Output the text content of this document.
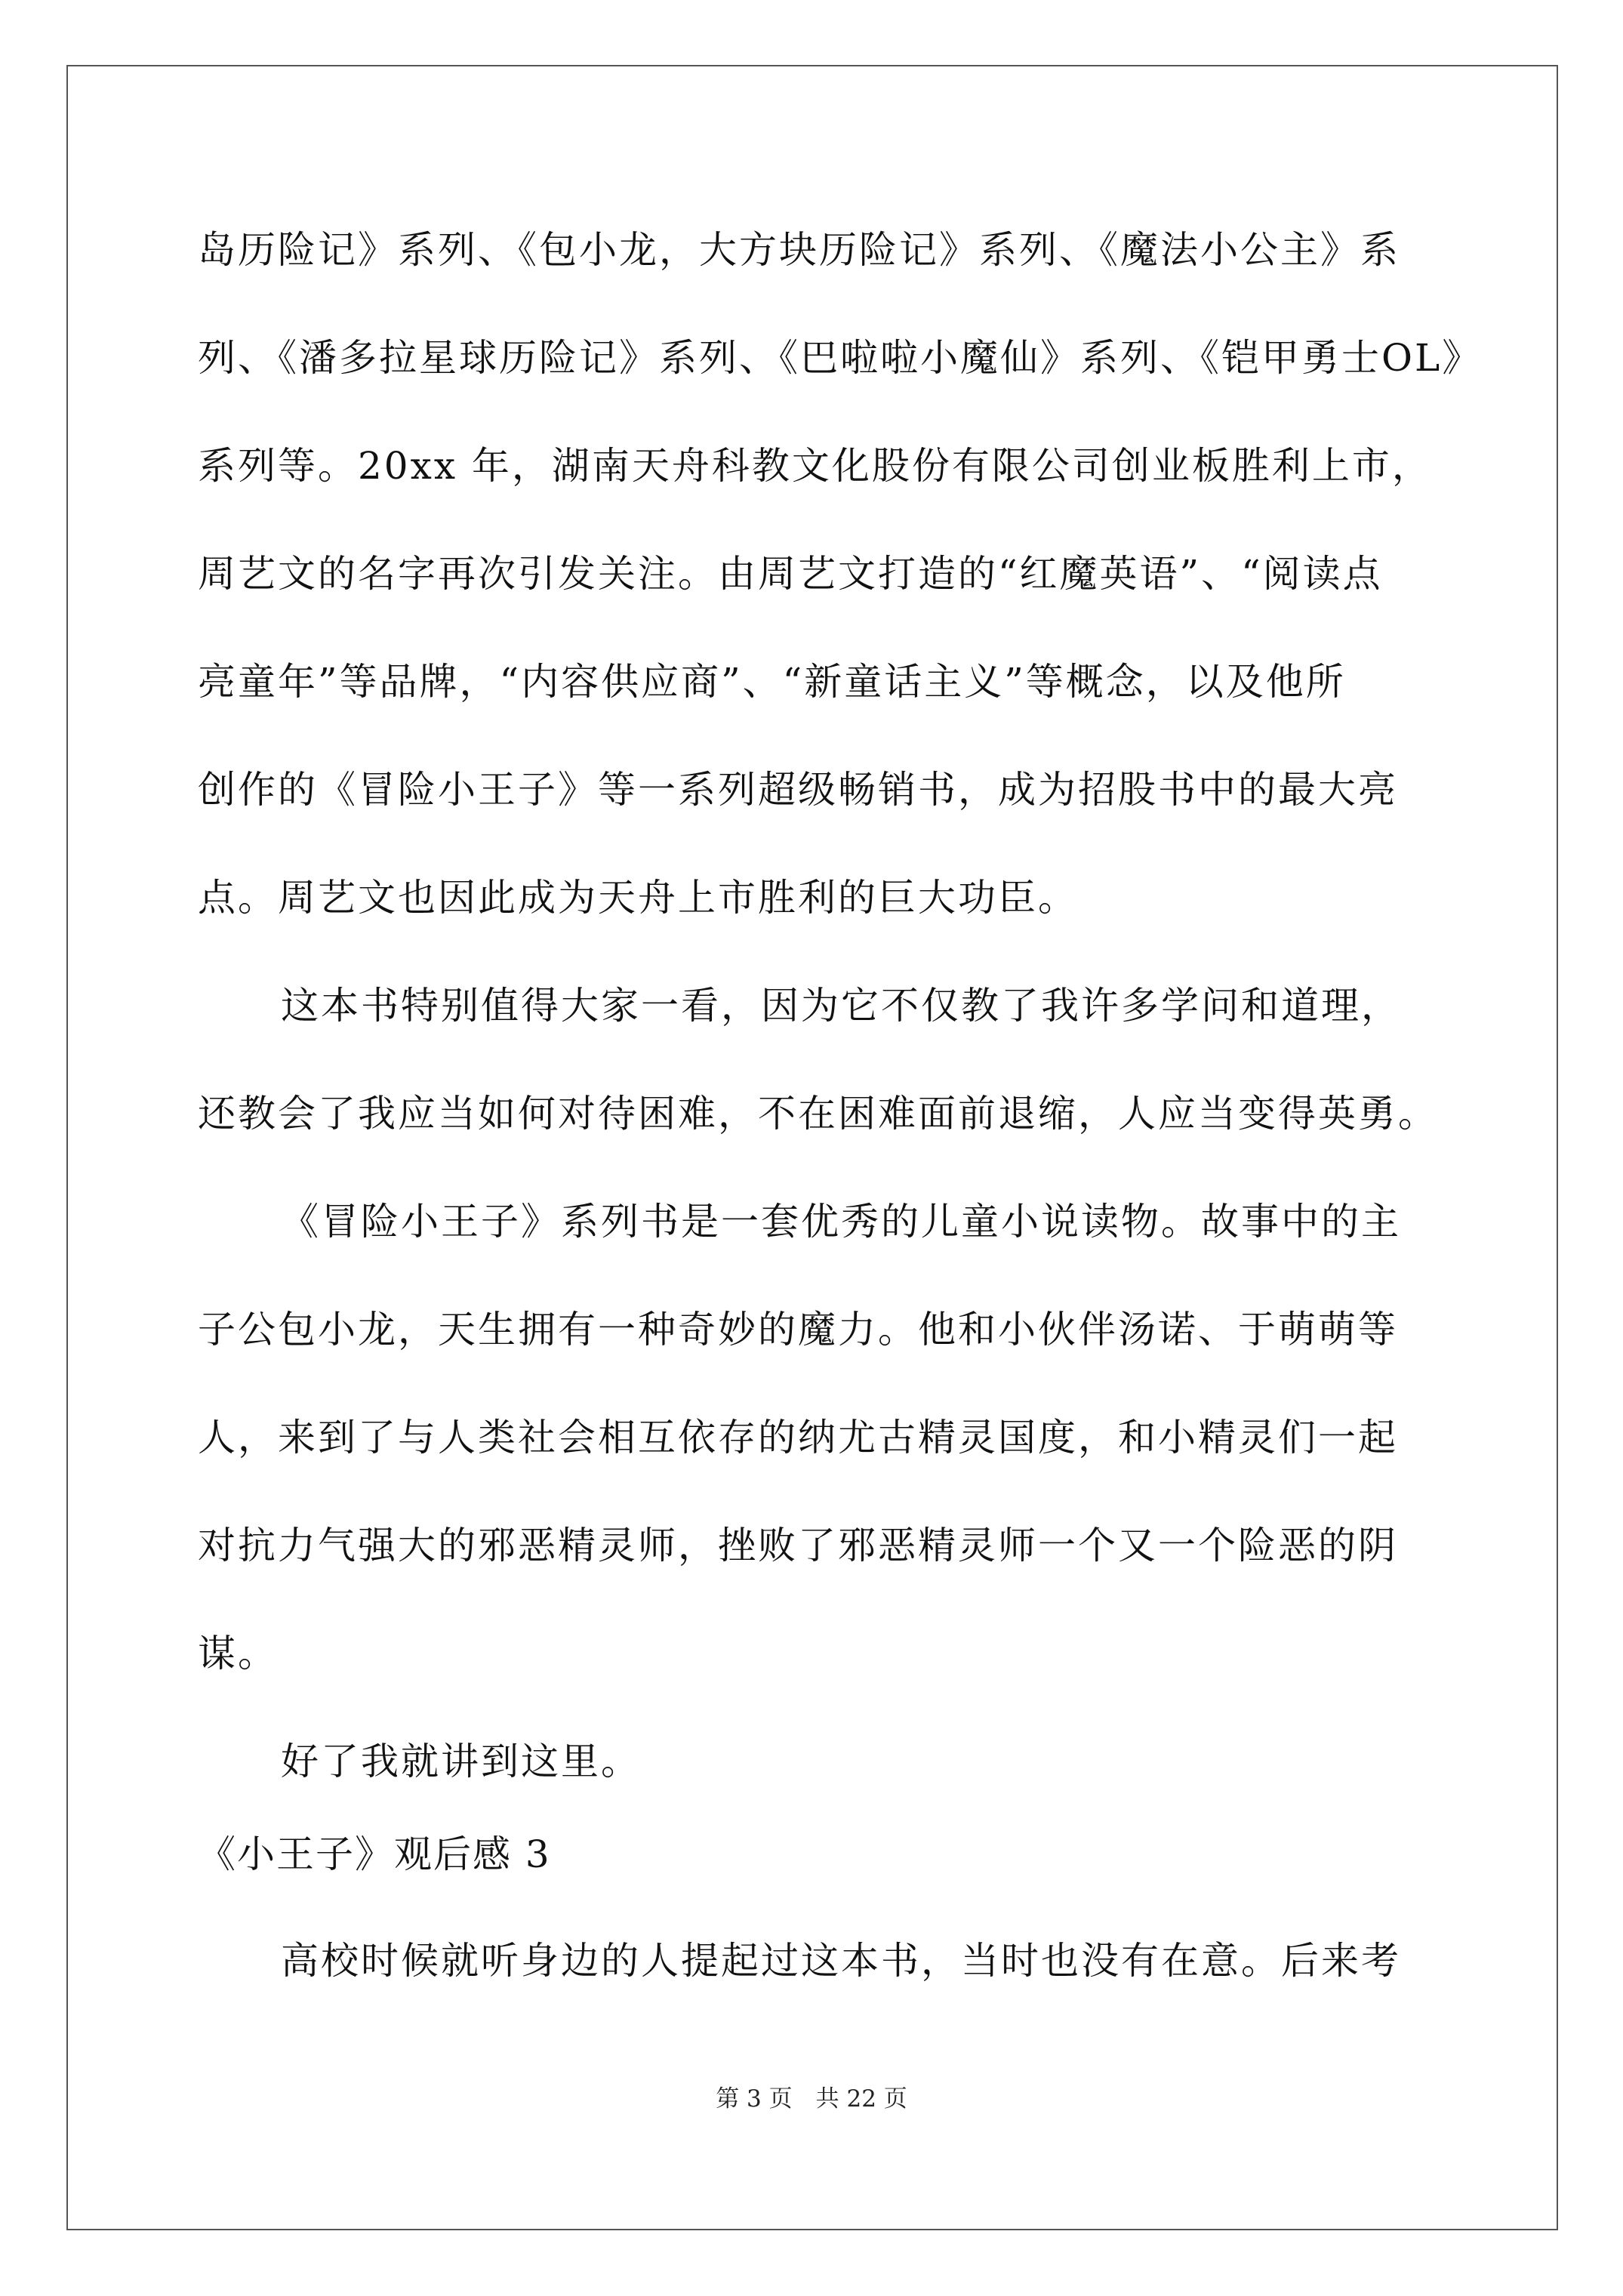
岛历险记》系列、《包小龙，大方块历险记》系列、《魔法小公主》系
列、《潘多拉星球历险记》系列、《巴啦啦小魔仙》系列、《铠甲勇士OL》
系列等。20xx 年，湖南天舟科教文化股份有限公司创业板胜利上市，
周艺文的名字再次引发关注。由周艺文打造的“红魔英语”、“阅读点
亮童年”等品牌，“内容供应商”、“新童话主义”等概念，以及他所
创作的《冒险小王子》等一系列超级畅销书，成为招股书中的最大亮
点。周艺文也因此成为天舟上市胜利的巨大功臣。
这本书特别值得大家一看，因为它不仅教了我许多学问和道理，
还教会了我应当如何对待困难，不在困难面前退缩，人应当变得英勇。
《冒险小王子》系列书是一套优秀的儿童小说读物。故事中的主
子公包小龙，天生拥有一种奇妙的魔力。他和小伙伴汤诺、于萌萌等
人，来到了与人类社会相互依存的纳尤古精灵国度，和小精灵们一起
对抗力气强大的邪恶精灵师，挫败了邪恶精灵师一个又一个险恶的阴
谋。
好了我就讲到这里。
《小王子》观后感 3
高校时候就听身边的人提起过这本书，当时也没有在意。后来考
第 3 页　共 22 页
